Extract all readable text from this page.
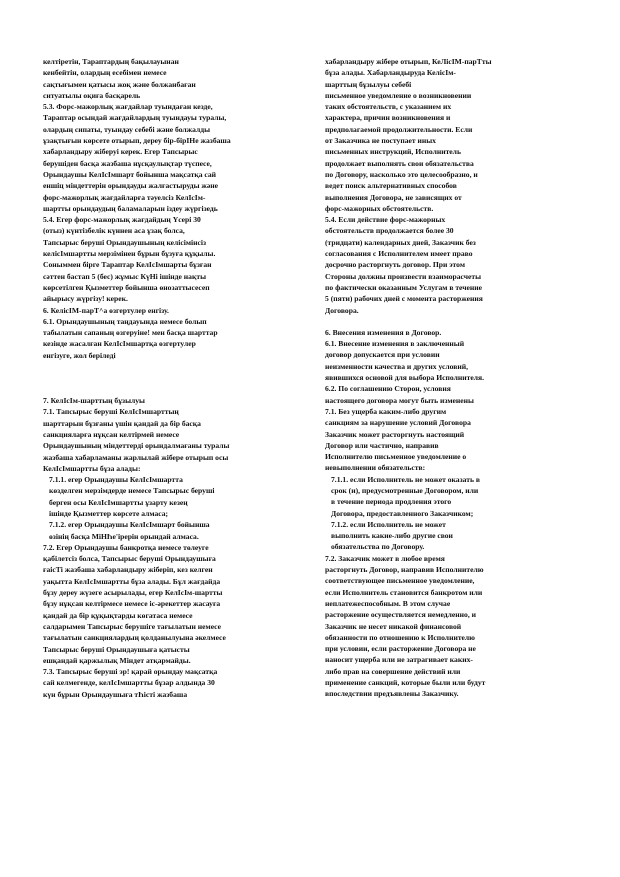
келтіретін, Тараптардың бақылауынан
кенбейтін, олардың есебімен немесе
сақтығымен қатысы жоқ және болжанбаған
ситуатылы оқиға басқарель

5.3. Форс-мажорлық жағдайлар туындаған кезде,
Тараптар осындай жағдайлардың туындауы туралы,
олардың сипаты, туындау себебі және болжалды
ұзақтығын көрсете отырып, дереу біp-біpІНе жазбаша
хабарландыру жіберуі керек. Егер Тапсырыс
берушіден басқа жазбаша нұсқаулықтар түспесе,
Орындаушы КелІсІмшарт бойынша мақсатқа сай
еншіц міндеттерін орындауды жалғастыруды және
форс-мажорлық жағдайларға тәуелсіз КелІсІм-
шартты орындаудың баламаларын іздеу жүргізедь

5.4. Егер форс-мажорлық жағдайдың Үсері 30
(отыз) күнтізбелік күннен аса ұзақ болса,
Тапсырыс беруші Орындаушының келісімінсіз
келісІмшартты мерзімінен бұрын бұзуға құқылы.
Соныммен бірге Тараптар КелІсІмшарты бұзған
сәттен бастап 5 (бес) жұмыс КүНі ішінде нақты
көрсетілген Қызметтер бойынша өнозаттысесеп
айырысу жүргізу! керек.

6. КеліcІМ-парТ^а өзгертулер енгізу.

6.1. Орындаушының таңдауында немесе болып
табылатын сапаның өзгеруіне! мен басқа шарттар
кезінде жасалған КелІсІмшартқа өзгертулер
енгізуге, жол беріледі

7. КелІсІм-шарттың бұзылуы

7.1. Тапсырыс беруші КелІсІмшарттың
шарттарын бұзғаны үшін қандай да бір басқа
санкцияларға нұқсан келтірмей немесе
Орындаушының міндеттерді орындалмағаны туралы
жазбаша хабарламаны жарлылай жіберe отырып осы
КелІсІмшартты бұза алады:

7.1.1. егер Орындаушы КелІсІмшартта
көзделген мерзімдерде немесе Тапсырыс беруші
берген осы КелІсІмшартты ұзарту кезең
ішінде Қызметтер көрсете алмаса;

7.1.2. егер Орындаушы КелІсІмшарт бойынша
өзінің басқа МіНҺе'ірерін орындай алмаса.

7.2. Егер Орындаушы банкротқа немесе төлеуге
қабілетсіз болса, Тапсырыс беруші Орындаушыға
ғаісТі жазбаша хабарландыру жіберіп, кез келген
уақытта КелІсІмшартты бұза алады. Бұл жағдайда
бұзу дереу жүзеге асырылады, егер КелІсІм-шартты
бұзу нұқсан келтірмесе немесе іс-әрекеттер жасауға
қандай да бір құқықтарды көгатаса немесе
салдарымен Тапсырыс берушіге тағылатын немесе
тағылатын санкциялардың қолданылуына әкелмесе
Тапсырыс беруші Орындаушыға қатысты
ешқандай қаржылық Міндет атқармайды.

7.3. Тапсырыс беруші эр! қарай орындау мақсатқа
сай келмегенде, келІсІмшартты бұзар алдында 30
күн бұрын Орындаушыға тҺісті жазбаша

хабарландыру жіберe отырып, КеЛісІМ-парТты
бұза алады. Хабарландыруда КелісІм-
шарттың бұзылуы себебі

письменное уведомление о возникновении
таких обстоятельств, с указанием их
характера, причин возникновения и
предполагаемой продолжительности. Если
от Заказчика не поступает иных
письменных инструкций, Исполнитель
продолжает выполнять свои обязательства
по Договору, насколько это целесообразно, и
ведет поиск альтернативных способов
выполнения Договора, не зависящих от
форс-мажорных обстоятельств.

5.4. Если действие форс-мажорных
обстоятельств продолжается более 30
(тридцати) календарных дней, Заказчик без
согласования с Исполнителем имеет право
досрочно расторгнуть договор. При этом
Стороны должны произвести взаиморасчеты
по фактически оказанным Услугам в течение
5 (пяти) рабочих дней с момента расторжения
Договора.

6. Внесения изменения в Договор.

6.1. Внесение изменения в заключенный
договор допускается при условии
неизменности качества и других условий,
явившихся основой для выбора Исполнителя.

6.2. По соглашению Сторон, условия
настоящего договора могут быть изменены

7.1. Без ущерба каким-либо другим
санкциям за нарушение условий Договора
Заказчик может расторгнуть настоящий
Договор или частично, направив
Исполнителю письменное уведомление о
невыполнении обязательств:

7.1.1. если Исполнитель не может оказать в
срок (и), предусмотренные Договором, или
в течение периода продления этого
Договора, предоставленного Заказчиком;

7.1.2. если Исполнитель не может
выполнить какие-либо другие свои
обязательства по Договору.

7.2. Заказчик может в любое время
расторгнуть Договор, направив Исполнителю
соответствующее письменное уведомление,
если Исполнитель становится банкротом или
неплатежеспособным. В этом случае
расторжение осуществляется немедленно, и
Заказчик не несет никакой финансовой
обязанности по отношению к Исполнителю
при условии, если расторжение Договора не
наносит ущерба или не затрагивает каких-
либо прав на совершение действий или
применение санкций, которые были или будут
впоследствии предъявлены Заказчику.
